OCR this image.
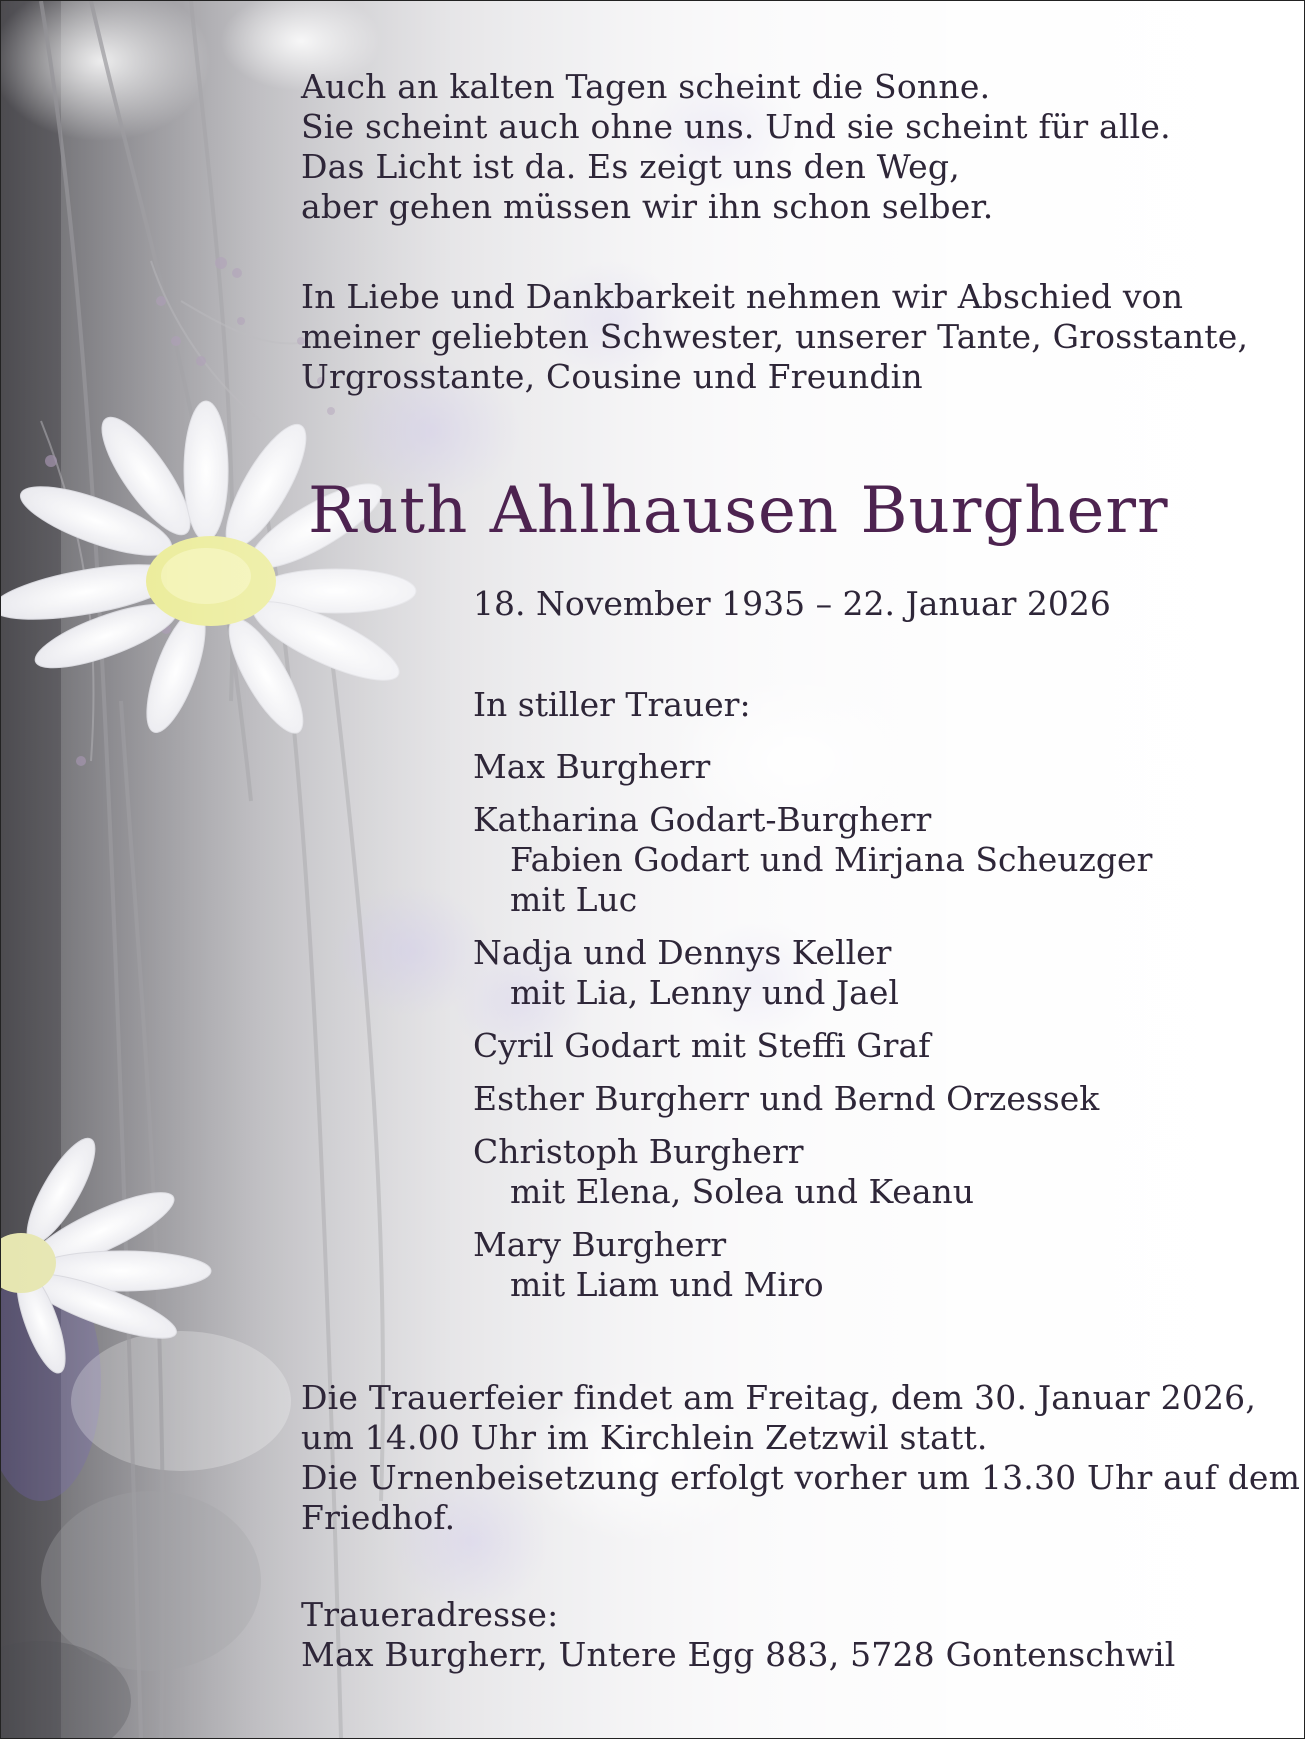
Auch an kalten Tagen scheint die Sonne.
Sie scheint auch ohne uns. Und sie scheint für alle.
Das Licht ist da. Es zeigt uns den Weg,
aber gehen müssen wir ihn schon selber.
In Liebe und Dankbarkeit nehmen wir Abschied von
meiner geliebten Schwester, unserer Tante, Grosstante,
Urgrosstante, Cousine und Freundin
Ruth Ahlhausen Burgherr
18. November 1935 – 22. Januar 2026
In stiller Trauer:
Max Burgherr
Katharina Godart-Burgherr
Fabien Godart und Mirjana Scheuzger
mit Luc
Nadja und Dennys Keller
mit Lia, Lenny und Jael
Cyril Godart mit Steffi Graf
Esther Burgherr und Bernd Orzessek
Christoph Burgherr
mit Elena, Solea und Keanu
Mary Burgherr
mit Liam und Miro
Die Trauerfeier findet am Freitag, dem 30. Januar 2026,
um 14.00 Uhr im Kirchlein Zetzwil statt.
Die Urnenbeisetzung erfolgt vorher um 13.30 Uhr auf dem
Friedhof.
Traueradresse:
Max Burgherr, Untere Egg 883, 5728 Gontenschwil
